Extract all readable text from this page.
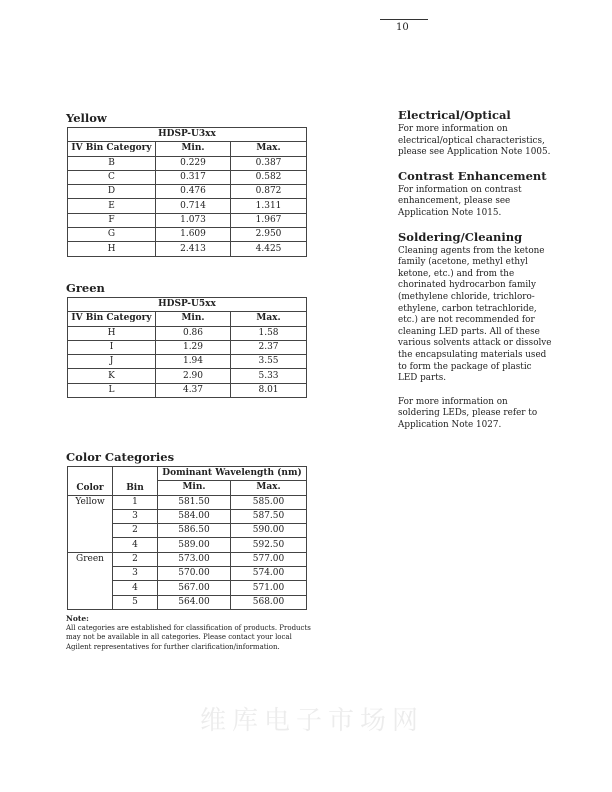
10
维库电子市场网
Yellow
HDSP-U3xx		
IV Bin Category	Min.	Max.
B	0.229	0.387
C	0.317	0.582
D	0.476	0.872
E	0.714	1.311
F	1.073	1.967
G	1.609	2.950
H	2.413	4.425
Green
HDSP-U5xx		
IV Bin Category	Min.	Max.
H	0.86	1.58
I	1.29	2.37
J	1.94	3.55
K	2.90	5.33
L	4.37	8.01
Color Categories
Color	Bin	Dominant Wavelength (nm)	
		Min.	Max.
Yellow	1	581.50	585.00
	3	584.00	587.50
	2	586.50	590.00
	4	589.00	592.50
Green	2	573.00	577.00
	3	570.00	574.00
	4	567.00	571.00
	5	564.00	568.00
Note:
All categories are established for classification of products. Products
may not be available in all categories. Please contact your local
Agilent representatives for further clarification/information.
Electrical/Optical
For more information on
electrical/optical characteristics,
please see Application Note 1005.
Contrast Enhancement
For information on contrast
enhancement, please see
Application Note 1015.
Soldering/Cleaning
Cleaning agents from the ketone
family (acetone, methyl ethyl
ketone, etc.) and from the
chorinated hydrocarbon family
(methylene chloride, trichloro-
ethylene, carbon tetrachloride,
etc.) are not recommended for
cleaning LED parts. All of these
various solvents attack or dissolve
the encapsulating materials used
to form the package of plastic
LED parts.
For more information on
soldering LEDs, please refer to
Application Note 1027.
